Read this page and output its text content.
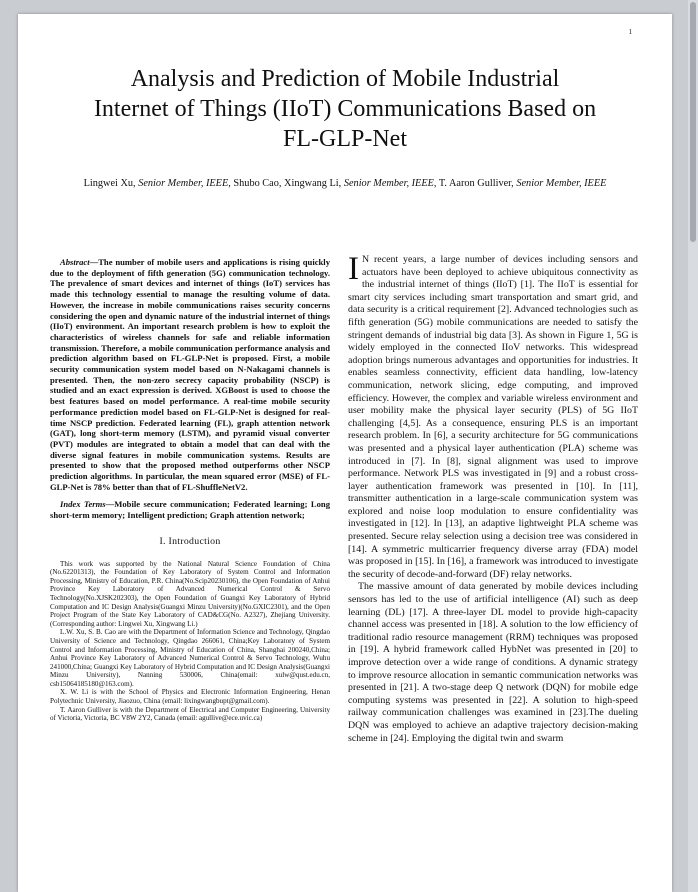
1
Analysis and Prediction of Mobile Industrial
Internet of Things (IIoT) Communications Based on
FL-GLP-Net
Lingwei Xu, Senior Member, IEEE, Shubo Cao, Xingwang Li, Senior Member, IEEE, T. Aaron Gulliver, Senior Member, IEEE

Abstract—The number of mobile users and applications is rising quickly due to the deployment of fifth generation (5G) communication technology. The prevalence of smart devices and internet of things (IoT) services has made this technology essential to manage the resulting volume of data. However, the increase in mobile communications raises security concerns considering the open and dynamic nature of the industrial internet of things (IIoT) environment. An important research problem is how to exploit the characteristics of wireless channels for safe and reliable information transmission. Therefore, a mobile communication performance analysis and prediction algorithm based on FL-GLP-Net is proposed. First, a mobile security communication system model based on N-Nakagami channels is presented. Then, the non-zero secrecy capacity probability (NSCP) is studied and an exact expression is derived. XGBoost is used to choose the best features based on model performance. A real-time mobile security performance prediction model based on FL-GLP-Net is designed for real-time NSCP prediction. Federated learning (FL), graph attention network (GAT), long short-term memory (LSTM), and pyramid visual converter (PVT) modules are integrated to obtain a model that can deal with the diverse signal features in mobile communication systems. Results are presented to show that the proposed method outperforms other NSCP prediction algorithms. In particular, the mean squared error (MSE) of FL-GLP-Net is 78% better than that of FL-ShuffleNetV2.

Index Terms—Mobile secure communication; Federated learning; Long short-term memory; Intelligent prediction; Graph attention network;

I. Introduction

This work was supported by the National Natural Science Foundation of China (No.62201313), the Foundation of Key Laboratory of System Control and Information Processing, Ministry of Education, P.R. China(No.Scip20230106), the Open Foundation of Anhui Province Key Laboratory of Advanced Numerical Control & Servo Technology(No.XJSK202303), the Open Foundation of Guangxi Key Laboratory of Hybrid Computation and IC Design Analysis(Guangxi Minzu University)(No.GXIC2301), and the Open Project Program of the State Key Laboratory of CAD&CG(No. A2327), Zhejiang University. (Corresponding author: Lingwei Xu, Xingwang Li.)

L.W. Xu, S. B. Cao are with the Department of Information Science and Technology, Qingdao University of Science and Technology, Qingdao 266061, China;Key Laboratory of System Control and Information Processing, Ministry of Education of China, Shanghai 200240,China; Anhui Province Key Laboratory of Advanced Numerical Control & Servo Technology, Wuhu 241000,China; Guangxi Key Laboratory of Hybrid Computation and IC Design Analysis(Guangxi Minzu University), Nanning 530006, China(email: xulw@qust.edu.cn, csb15064185180@163.com).

X. W. Li is with the School of Physics and Electronic Information Engineering, Henan Polytechnic University, Jiaozuo, China (email: lixingwangbupt@gmail.com).

T. Aaron Gulliver is with the Department of Electrical and Computer Engineering, University of Victoria, Victoria, BC V8W 2Y2, Canada (email: agullive@ece.uvic.ca)

I N recent years, a large number of devices including sensors and actuators have been deployed to achieve ubiquitous connectivity as the industrial internet of things (IIoT) [1]. The IIoT is essential for smart city services including smart transportation and smart grid, and data security is a critical requirement [2]. Advanced technologies such as fifth generation (5G) mobile communications are needed to satisfy the stringent demands of industrial big data [3]. As shown in Figure 1, 5G is widely employed in the connected IIoV networks. This widespread adoption brings numerous advantages and opportunities for industries. It enables seamless connectivity, efficient data handling, low-latency communication, network slicing, edge computing, and improved efficiency. However, the complex and variable wireless environment and user mobility make the physical layer security (PLS) of 5G IIoT challenging [4,5]. As a consequence, ensuring PLS is an important research problem. In [6], a security architecture for 5G communications was presented and a physical layer authentication (PLA) scheme was introduced in [7]. In [8], signal alignment was used to improve performance. Network PLS was investigated in [9] and a robust cross-layer authentication framework was presented in [10]. In [11], transmitter authentication in a large-scale communication system was explored and noise loop modulation to ensure confidentiality was investigated in [12]. In [13], an adaptive lightweight PLA scheme was presented. Secure relay selection using a decision tree was considered in [14]. A symmetric multicarrier frequency diverse array (FDA) model was proposed in [15]. In [16], a framework was introduced to investigate the security of decode-and-forward (DF) relay networks.

The massive amount of data generated by mobile devices including sensors has led to the use of artificial intelligence (AI) such as deep learning (DL) [17]. A three-layer DL model to provide high-capacity channel access was presented in [18]. A solution to the low efficiency of traditional radio resource management (RRM) techniques was proposed in [19]. A hybrid framework called HybNet was presented in [20] to improve detection over a wide range of conditions. A dynamic strategy to improve resource allocation in semantic communication networks was presented in [21]. A two-stage deep Q network (DQN) for mobile edge computing systems was presented in [22]. A solution to high-speed railway communication challenges was examined in [23].The dueling DQN was employed to achieve an adaptive trajectory decision-making scheme in [24]. Employing the digital twin and swarm
